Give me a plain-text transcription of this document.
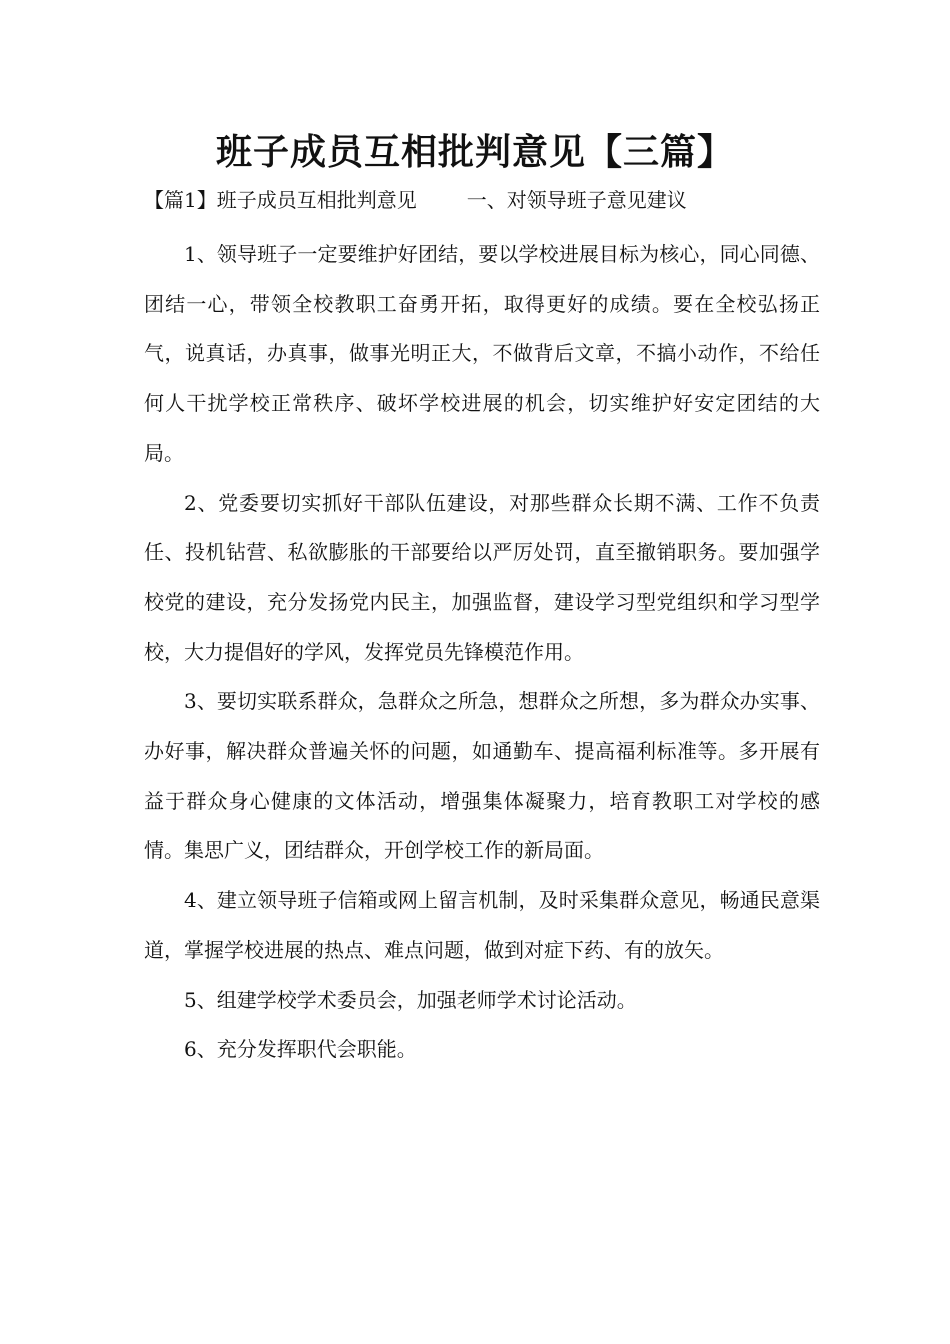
班子成员互相批判意见【三篇】
【篇1】班子成员互相批判意见	一、对领导班子意见建议

1、领导班子一定要维护好团结，要以学校进展目标为核心，同心同德、团结一心，带领全校教职工奋勇开拓，取得更好的成绩。要在全校弘扬正气，说真话，办真事，做事光明正大，不做背后文章，不搞小动作，不给任何人干扰学校正常秩序、破坏学校进展的机会，切实维护好安定团结的大局。

2、党委要切实抓好干部队伍建设，对那些群众长期不满、工作不负责任、投机钻营、私欲膨胀的干部要给以严厉处罚，直至撤销职务。要加强学校党的建设，充分发扬党内民主，加强监督，建设学习型党组织和学习型学校，大力提倡好的学风，发挥党员先锋模范作用。

3、要切实联系群众，急群众之所急，想群众之所想，多为群众办实事、办好事，解决群众普遍关怀的问题，如通勤车、提高福利标准等。多开展有益于群众身心健康的文体活动，增强集体凝聚力，培育教职工对学校的感情。集思广义，团结群众，开创学校工作的新局面。

4、建立领导班子信箱或网上留言机制，及时采集群众意见，畅通民意渠道，掌握学校进展的热点、难点问题，做到对症下药、有的放矢。

5、组建学校学术委员会，加强老师学术讨论活动。

6、充分发挥职代会职能。
